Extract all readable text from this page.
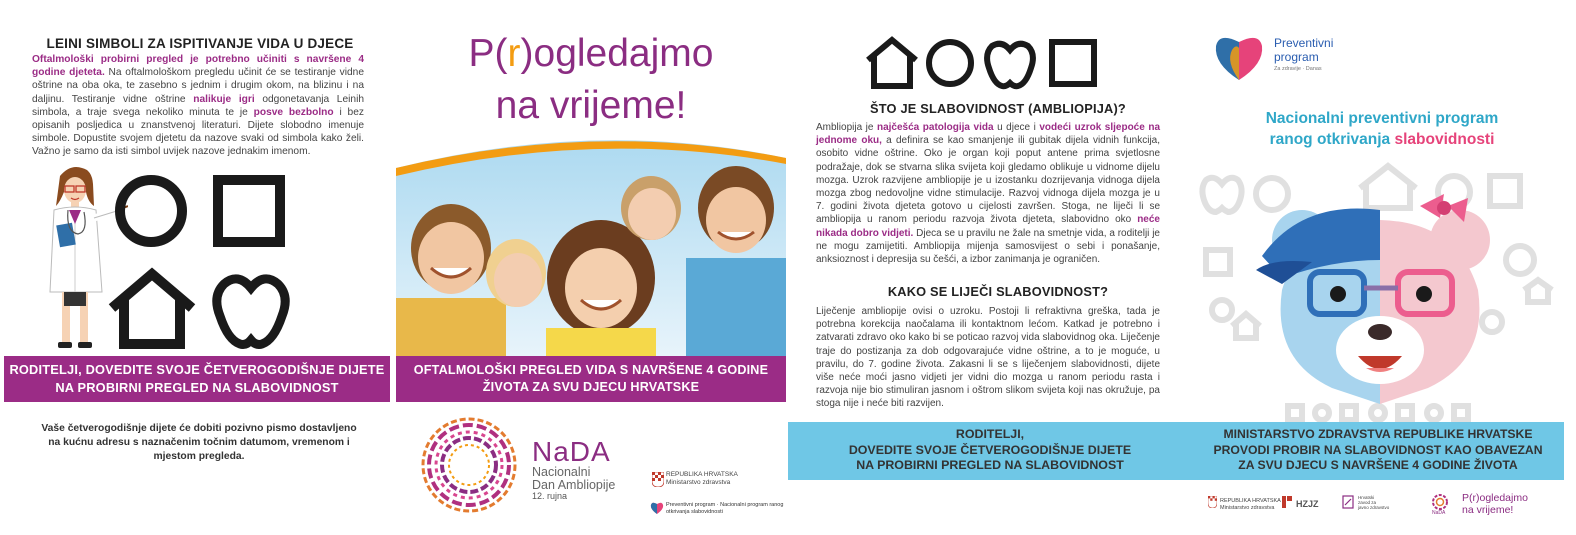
LEINI SIMBOLI ZA ISPITIVANJE VIDA U DJECE
Oftalmološki probirni pregled je potrebno učiniti s navršene 4 godine djeteta. Na oftalmološkom pregledu učinit će se testiranje vidne oštrine na oba oka, te zasebno s jednim i drugim okom, na blizinu i na daljinu. Testiranje vidne oštrine nalikuje igri odgonetavanja Leinih simbola, a traje svega nekoliko minuta te je posve bezbolno i bez opisanih posljedica u znanstvenoj literaturi. Dijete slobodno imenuje simbole. Dopustite svojem djetetu da nazove svaki od simbola kako želi. Važno je samo da isti simbol uvijek nazove jednakim imenom.
RODITELJI, DOVEDITE SVOJE ČETVEROGODIŠNJE DIJETE NA PROBIRNI PREGLED NA SLABOVIDNOST
Vaše četverogodišnje dijete će dobiti pozivno pismo dostavljeno na kućnu adresu s naznačenim točnim datumom, vremenom i mjestom pregleda.
P(r)ogledajmo
na vrijeme!
OFTALMOLOŠKI PREGLED VIDA S NAVRŠENE 4 GODINE ŽIVOTA ZA SVU DJECU HRVATSKE
NaDA
Nacionalni
Dan Ambliopije
12. rujna
REPUBLIKA HRVATSKA
Ministarstvo zdravstva
Preventivni program · Nacionalni program ranog otkrivanja slabovidnosti
ŠTO JE SLABOVIDNOST (AMBLIOPIJA)?
Ambliopija je najčešća patologija vida u djece i vodeći uzrok sljepoće na jednome oku, a definira se kao smanjenje ili gubitak dijela vidnih funkcija, osobito vidne oštrine. Oko je organ koji poput antene prima svjetlosne podražaje, dok se stvarna slika svijeta koji gledamo oblikuje u vidnome dijelu mozga. Uzrok razvijene ambliopije je u izostanku dozrijevanja vidnoga dijela mozga zbog nedovoljne vidne stimulacije. Razvoj vidnoga dijela mozga je u 7. godini života djeteta gotovo u cijelosti završen. Stoga, ne liječi li se ambliopija u ranom periodu razvoja života djeteta, slabovidno oko neće nikada dobro vidjeti. Djeca se u pravilu ne žale na smetnje vida, a roditelji je ne mogu zamijetiti. Ambliopija mijenja samosvijest o sebi i ponašanje, anksioznost i depresija su češći, a izbor zanimanja je ograničen.
KAKO SE LIJEČI SLABOVIDNOST?
Liječenje ambliopije ovisi o uzroku. Postoji li refraktivna greška, tada je potrebna korekcija naočalama ili kontaktnom lećom. Katkad je potrebno i zatvarati zdravo oko kako bi se poticao razvoj vida slabovidnog oka. Liječenje traje do postizanja za dob odgovarajuće vidne oštrine, a to je moguće, u pravilu, do 7. godine života. Zakasni li se s liječenjem slabovidnosti, dijete više neće moći jasno vidjeti jer vidni dio mozga u ranom periodu rasta i razvoja nije bio stimuliran jasnom i oštrom slikom svijeta koji nas okružuje, pa stoga nije i neće biti razvijen.
RODITELJI,
DOVEDITE SVOJE ČETVEROGODIŠNJE DIJETE
NA PROBIRNI PREGLED NA SLABOVIDNOST
Preventivni
program
Za zdravije · Danas
Nacionalni preventivni program
ranog otkrivanja slabovidnosti
MINISTARSTVO ZDRAVSTVA REPUBLIKE HRVATSKE
PROVODI PROBIR NA SLABOVIDNOST KAO OBAVEZAN
ZA SVU DJECU S NAVRŠENE 4 GODINE ŽIVOTA
REPUBLIKA HRVATSKA
Ministarstvo zdravstva	HZJZ
Hrvatski
zavod za
javno zdravstvo
NaDA
P(r)ogledajmo
na vrijeme!
